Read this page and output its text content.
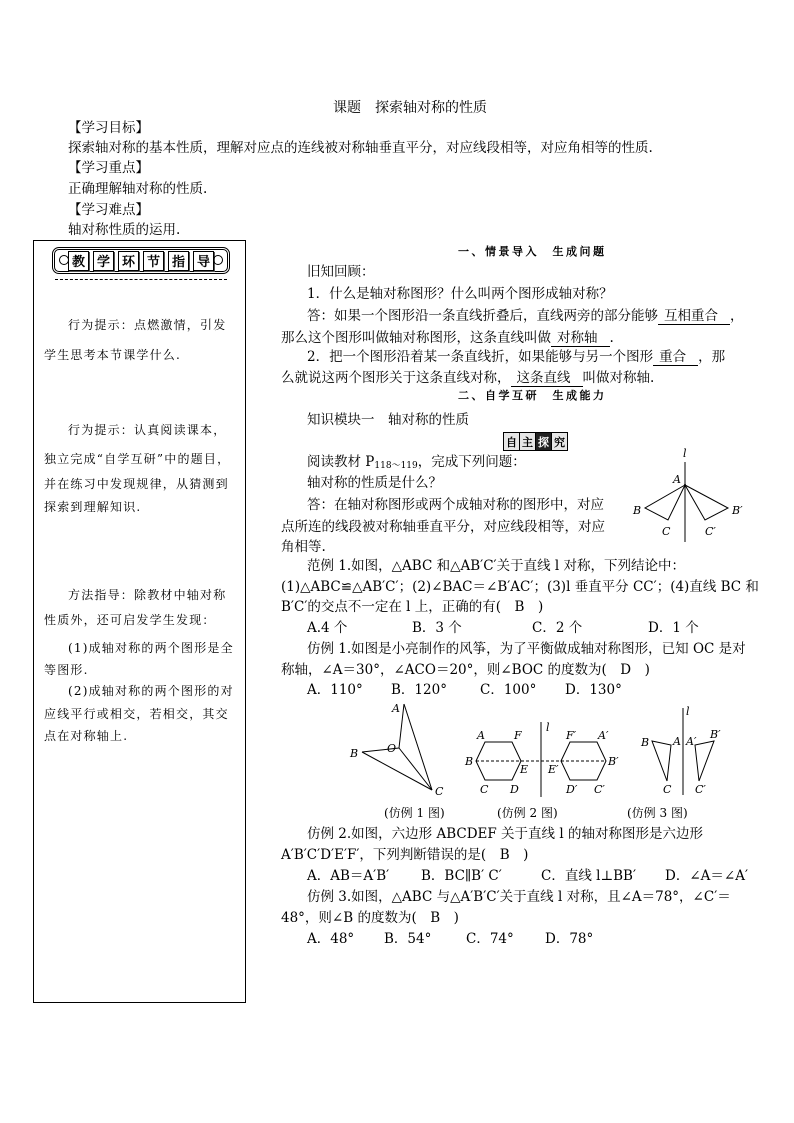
课题　探索轴对称的性质
【学习目标】
探索轴对称的基本性质，理解对应点的连线被对称轴垂直平分，对应线段相等，对应角相等的性质.
【学习重点】
正确理解轴对称的性质.
【学习难点】
轴对称性质的运用.
教 学 环 节 指 导
行为提示：点燃激情，引发
学生思考本节课学什么.
行为提示：认真阅读课本，
独立完成“自学互研”中的题目，
并在练习中发现规律，从猜测到
探索到理解知识.
方法指导：除教材中轴对称
性质外，还可启发学生发现：
(1)成轴对称的两个图形是全
等图形.
(2)成轴对称的两个图形的对
应线平行或相交，若相交，其交
点在对称轴上.
一、情景导入　生成问题
旧知回顾：
1．什么是轴对称图形？什么叫两个图形成轴对称？
答：如果一个图形沿一条直线折叠后，直线两旁的部分能够 互相重合 ，
那么这个图形叫做轴对称图形，这条直线叫做 对称轴 .
2．把一个图形沿着某一条直线折，如果能够与另一个图形 重合 ，那
么就说这两个图形关于这条直线对称， 这条直线 叫做对称轴.
二、自学互研　生成能力
知识模块一　轴对称的性质
自 主 探 究
阅读教材 $P_{118\sim 119}$，完成下列问题：
轴对称的性质是什么？
答：在轴对称图形或两个成轴对称的图形中，对应
点所连的线段被对称轴垂直平分，对应线段相等，对应
角相等.
l
A
B
C
B′
C′
范例 1.如图，△ABC 和△AB′C′关于直线 l 对称，下列结论中：
(1)△ABC≌△AB′C′；(2)∠BAC＝∠B′AC′；(3)l 垂直平分 CC′；(4)直线 BC 和
B′C′的交点不一定在 l 上，正确的有(　B　)
A.4 个	B．3 个	C．2 个	D．1 个
仿例 1.如图是小亮制作的风筝，为了平衡做成轴对称图形，已知 OC 是对
称轴，∠A＝30°，∠ACO＝20°，则∠BOC 的度数为(　D　)
A．110° B．120° C．100° D．130°
A
O
B
C
l
A	F
B
E
C D
F′ A′
B′
E′
D′ C′
l
B A
C
A′
B′
C′
(仿例 1 图)	(仿例 2 图)	(仿例 3 图)
仿例 2.如图，六边形 ABCDEF 关于直线 l 的轴对称图形是六边形
A′B′C′D′E′F′，下列判断错误的是(　B　)
A．AB＝A′B′ B．BC∥B′ C′	C．直线 l⊥BB′ D．∠A＝∠A′
仿例 3.如图，△ABC 与△A′B′C′关于直线 l 对称，且∠A＝78°，∠C′＝
48°，则∠B 的度数为(　B　)
A．48° B．54°	C．74° D．78°
